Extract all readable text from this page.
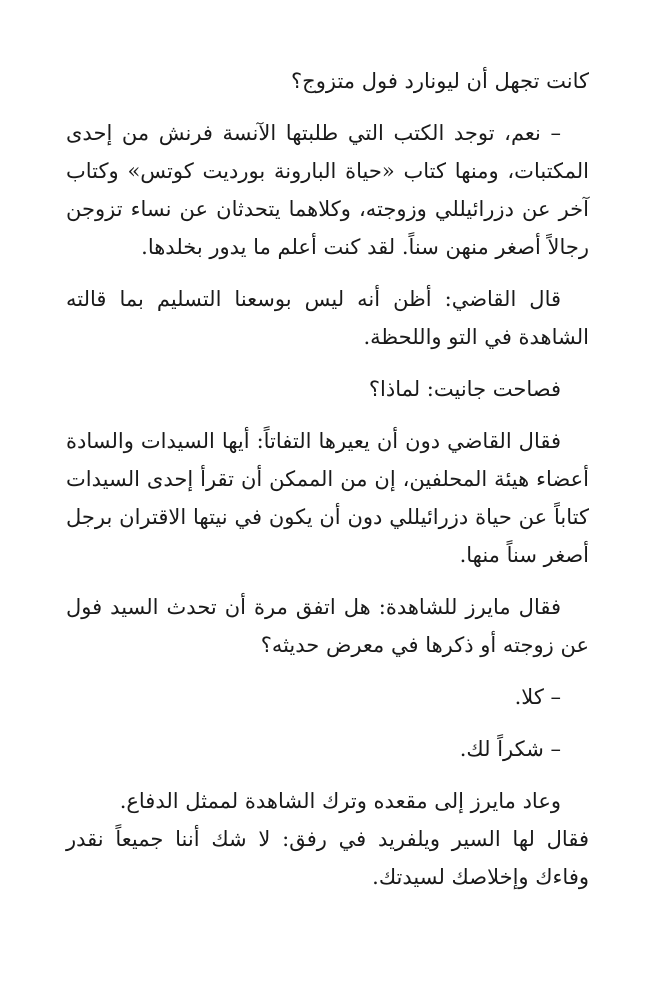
كانت تجهل أن ليونارد فول متزوج؟

– نعم، توجد الكتب التي طلبتها الآنسة فرنش من إحدى المكتبات، ومنها كتاب «حياة البارونة بورديت كوتس» وكتاب آخر عن دزرائيللي وزوجته، وكلاهما يتحدثان عن نساء تزوجن رجالاً أصغر منهن سناً. لقد كنت أعلم ما يدور بخلدها.

قال القاضي: أظن أنه ليس بوسعنا التسليم بما قالته الشاهدة في التو واللحظة.

فصاحت جانيت: لماذا؟

فقال القاضي دون أن يعيرها التفاتاً: أيها السيدات والسادة أعضاء هيئة المحلفين، إن من الممكن أن تقرأ إحدى السيدات كتاباً عن حياة دزرائيللي دون أن يكون في نيتها الاقتران برجل أصغر سناً منها.

فقال مايرز للشاهدة: هل اتفق مرة أن تحدث السيد فول عن زوجته أو ذكرها في معرض حديثه؟

– كلا.

– شكراً لك.

وعاد مايرز إلى مقعده وترك الشاهدة لممثل الدفاع.

فقال لها السير ويلفريد في رفق: لا شك أننا جميعاً نقدر وفاءك وإخلاصك لسيدتك.
